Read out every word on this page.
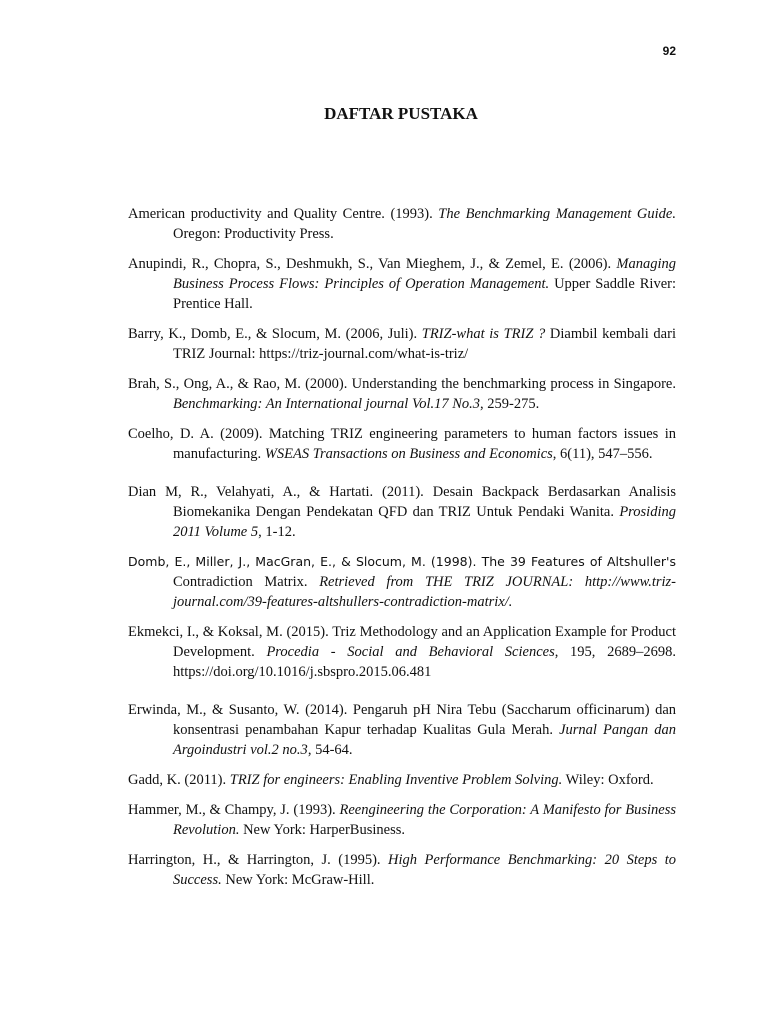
92
DAFTAR PUSTAKA

American productivity and Quality Centre. (1993). The Benchmarking Management Guide. Oregon: Productivity Press.

Anupindi, R., Chopra, S., Deshmukh, S., Van Mieghem, J., & Zemel, E. (2006). Managing Business Process Flows: Principles of Operation Management. Upper Saddle River: Prentice Hall.

Barry, K., Domb, E., & Slocum, M. (2006, Juli). TRIZ-what is TRIZ ? Diambil kembali dari TRIZ Journal: https://triz-journal.com/what-is-triz/

Brah, S., Ong, A., & Rao, M. (2000). Understanding the benchmarking process in Singapore. Benchmarking: An International journal Vol.17 No.3, 259-275.

Coelho, D. A. (2009). Matching TRIZ engineering parameters to human factors issues in manufacturing. WSEAS Transactions on Business and Economics, 6(11), 547–556.

Dian M, R., Velahyati, A., & Hartati. (2011). Desain Backpack Berdasarkan Analisis Biomekanika Dengan Pendekatan QFD dan TRIZ Untuk Pendaki Wanita. Prosiding 2011 Volume 5, 1-12.

Domb, E., Miller, J., MacGran, E., & Slocum, M. (1998). The 39 Features of Altshuller's Contradiction Matrix. Retrieved from THE TRIZ JOURNAL: http://www.triz-journal.com/39-features-altshullers-contradiction-matrix/.

Ekmekci, I., & Koksal, M. (2015). Triz Methodology and an Application Example for Product Development. Procedia - Social and Behavioral Sciences, 195, 2689–2698. https://doi.org/10.1016/j.sbspro.2015.06.481

Erwinda, M., & Susanto, W. (2014). Pengaruh pH Nira Tebu (Saccharum officinarum) dan konsentrasi penambahan Kapur terhadap Kualitas Gula Merah. Jurnal Pangan dan Argoindustri vol.2 no.3, 54-64.

Gadd, K. (2011). TRIZ for engineers: Enabling Inventive Problem Solving. Wiley: Oxford.

Hammer, M., & Champy, J. (1993). Reengineering the Corporation: A Manifesto for Business Revolution. New York: HarperBusiness.

Harrington, H., & Harrington, J. (1995). High Performance Benchmarking: 20 Steps to Success. New York: McGraw-Hill.
